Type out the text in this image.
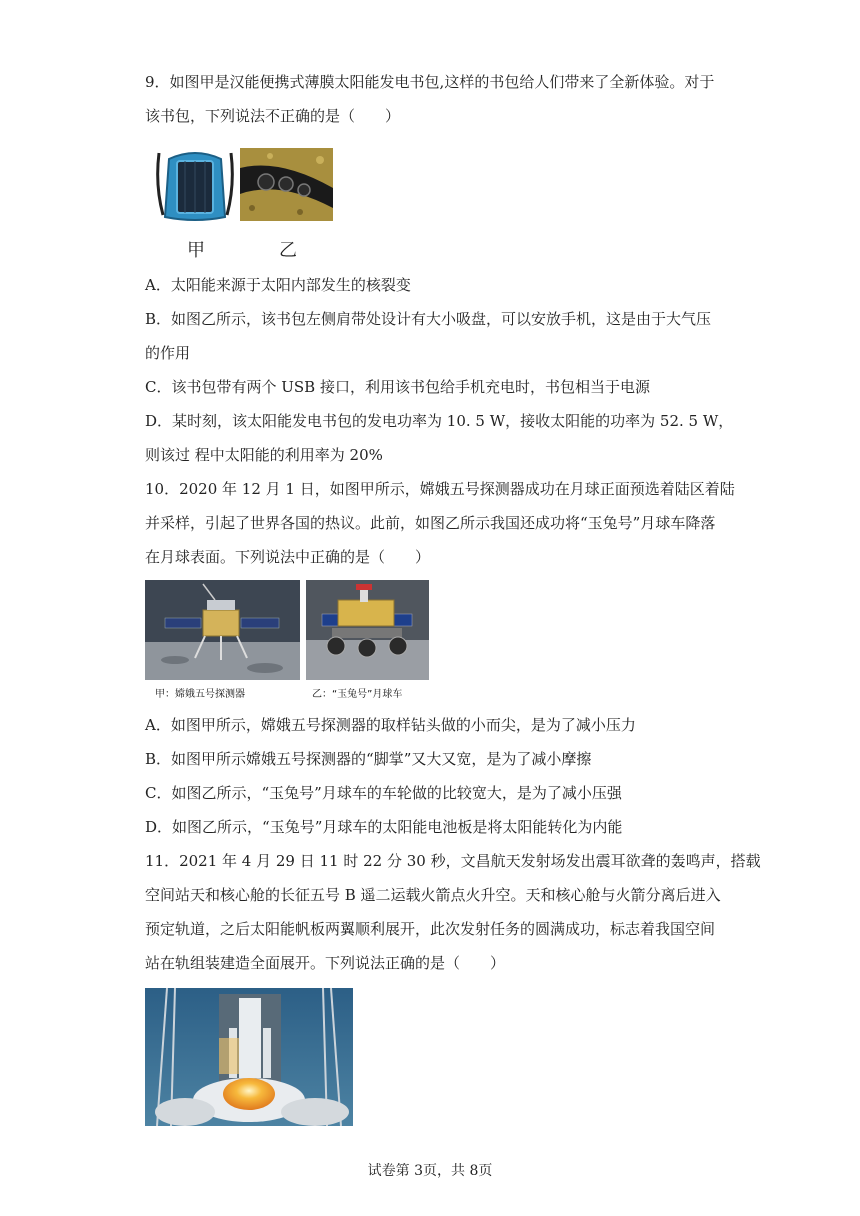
9．如图甲是汉能便携式薄膜太阳能发电书包,这样的书包给人们带来了全新体验。对于
该书包，下列说法不正确的是（　　）
甲	乙
A．太阳能来源于太阳内部发生的核裂变
B．如图乙所示，该书包左侧肩带处设计有大小吸盘，可以安放手机，这是由于大气压
的作用
C．该书包带有两个 USB 接口，利用该书包给手机充电时，书包相当于电源
D．某时刻，该太阳能发电书包的发电功率为 10. 5 W，接收太阳能的功率为 52. 5 W，
则该过 程中太阳能的利用率为 20%
10．2020 年 12 月 1 日，如图甲所示，嫦娥五号探测器成功在月球正面预选着陆区着陆
并采样，引起了世界各国的热议。此前，如图乙所示我国还成功将“玉兔号”月球车降落
在月球表面。下列说法中正确的是（　　）
甲：嫦娥五号探测器	乙：“玉兔号”月球车
A．如图甲所示，嫦娥五号探测器的取样钻头做的小而尖，是为了减小压力
B．如图甲所示嫦娥五号探测器的“脚掌”又大又宽，是为了减小摩擦
C．如图乙所示，“玉兔号”月球车的车轮做的比较宽大，是为了减小压强
D．如图乙所示，“玉兔号”月球车的太阳能电池板是将太阳能转化为内能
11．2021 年 4 月 29 日 11 时 22 分 30 秒，文昌航天发射场发出震耳欲聋的轰鸣声，搭载
空间站天和核心舱的长征五号 B 遥二运载火箭点火升空。天和核心舱与火箭分离后进入
预定轨道，之后太阳能帆板两翼顺利展开，此次发射任务的圆满成功，标志着我国空间
站在轨组装建造全面展开。下列说法正确的是（　　）
试卷第 3页，共 8页
